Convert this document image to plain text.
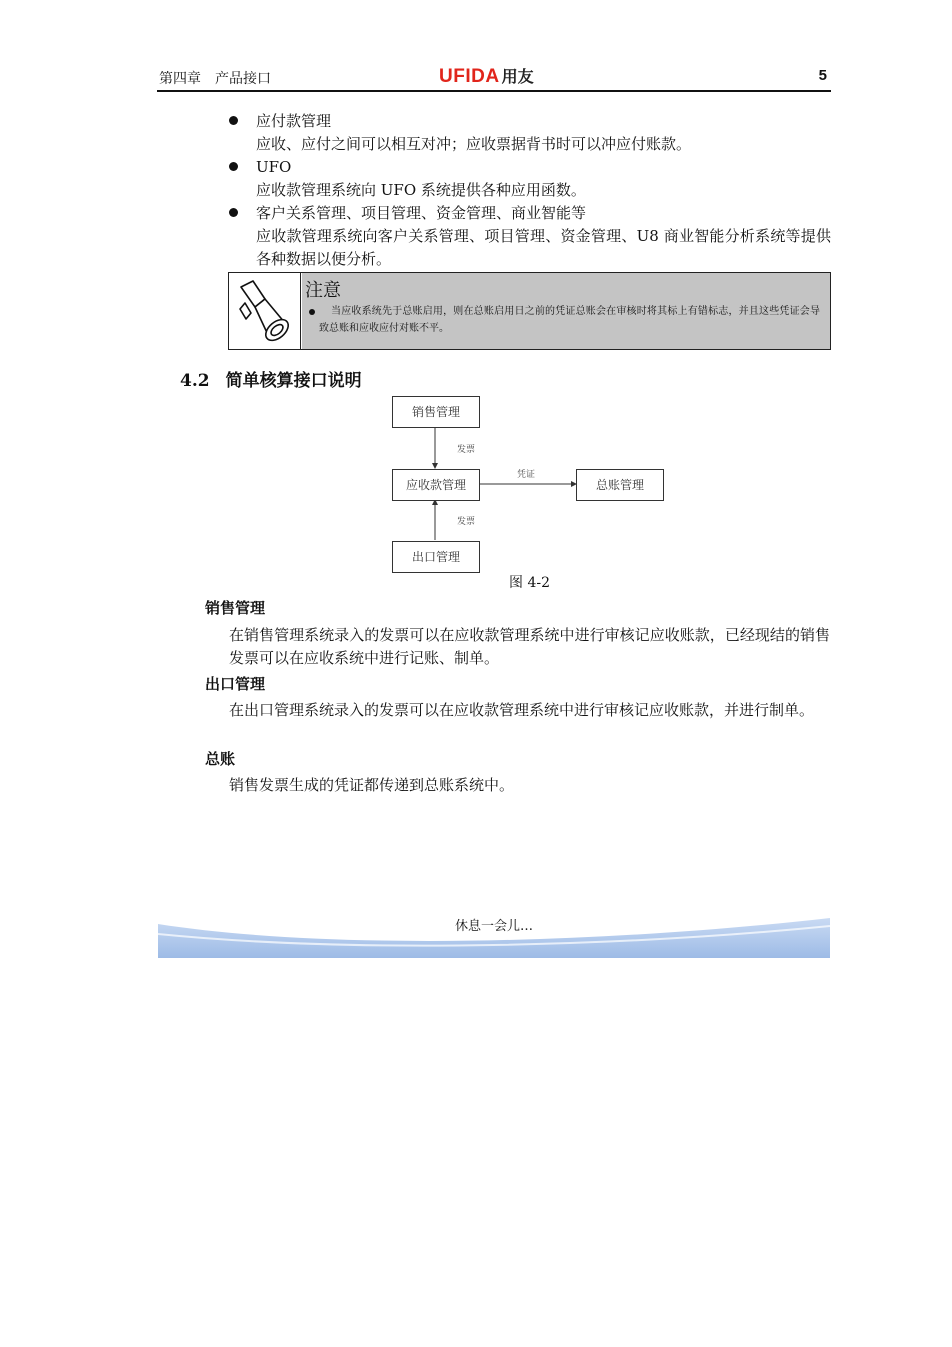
第四章　产品接口	UFIDA 用友	5
应付款管理
应收、应付之间可以相互对冲；应收票据背书时可以冲应付账款。
UFO
应收款管理系统向 UFO 系统提供各种应用函数。
客户关系管理、项目管理、资金管理、商业智能等
应收款管理系统向客户关系管理、项目管理、资金管理、U8 商业智能分析系统等提供各种数据以便分析。
注意
当应收系统先于总账启用，则在总账启用日之前的凭证总账会在审核时将其标上有错标志，并且这些凭证会导致总账和应收应付对账不平。
4.2 简单核算接口说明
销售管理
应收款管理	总账管理
出口管理
发票
凭证
发票
图 4-2
销售管理
在销售管理系统录入的发票可以在应收款管理系统中进行审核记应收账款，已经现结的销售发票可以在应收系统中进行记账、制单。
出口管理
在出口管理系统录入的发票可以在应收款管理系统中进行审核记应收账款，并进行制单。
总账
销售发票生成的凭证都传递到总账系统中。
休息一会儿…
